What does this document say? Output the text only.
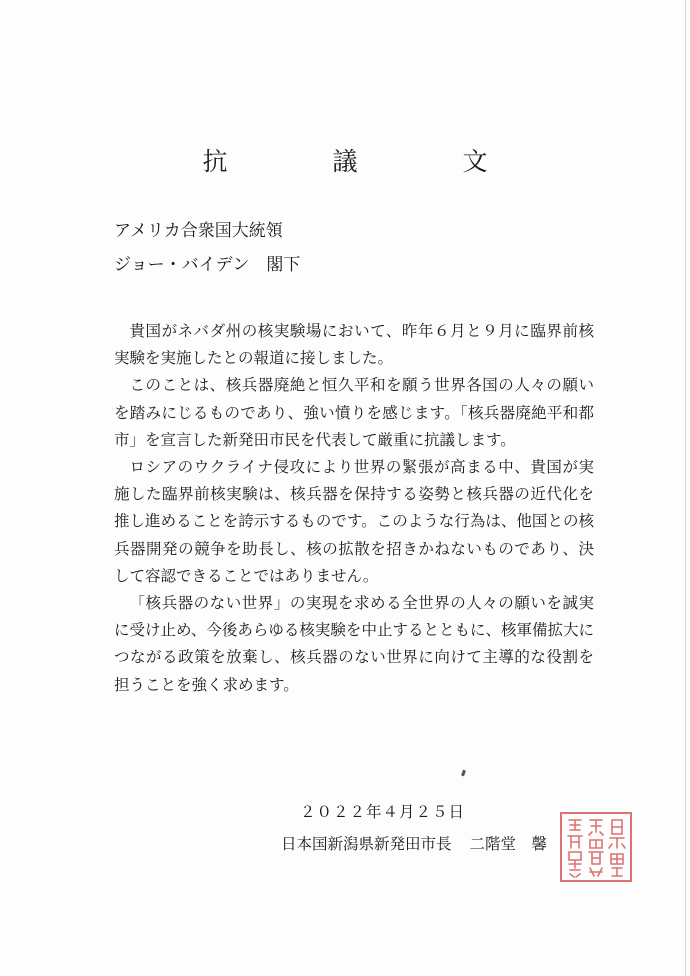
抗　議　文
アメリカ合衆国大統領
ジョー・バイデン　閣下

貴国がネバダ州の核実験場において、昨年６月と９月に臨界前核実験を実施したとの報道に接しました。

このことは、核兵器廃絶と恒久平和を願う世界各国の人々の願いを踏みにじるものであり、強い憤りを感じます。「核兵器廃絶平和都市」を宣言した新発田市民を代表して厳重に抗議します。

ロシアのウクライナ侵攻により世界の緊張が高まる中、貴国が実施した臨界前核実験は、核兵器を保持する姿勢と核兵器の近代化を推し進めることを誇示するものです。このような行為は、他国との核兵器開発の競争を助長し、核の拡散を招きかねないものであり、決して容認できることではありません。

「核兵器のない世界」の実現を求める全世界の人々の願いを誠実に受け止め、今後あらゆる核実験を中止するとともに、核軍備拡大につながる政策を放棄し、核兵器のない世界に向けて主導的な役割を担うことを強く求めます。

２０２２年４月２５日
日本国新潟県新発田市長 二階堂　馨
